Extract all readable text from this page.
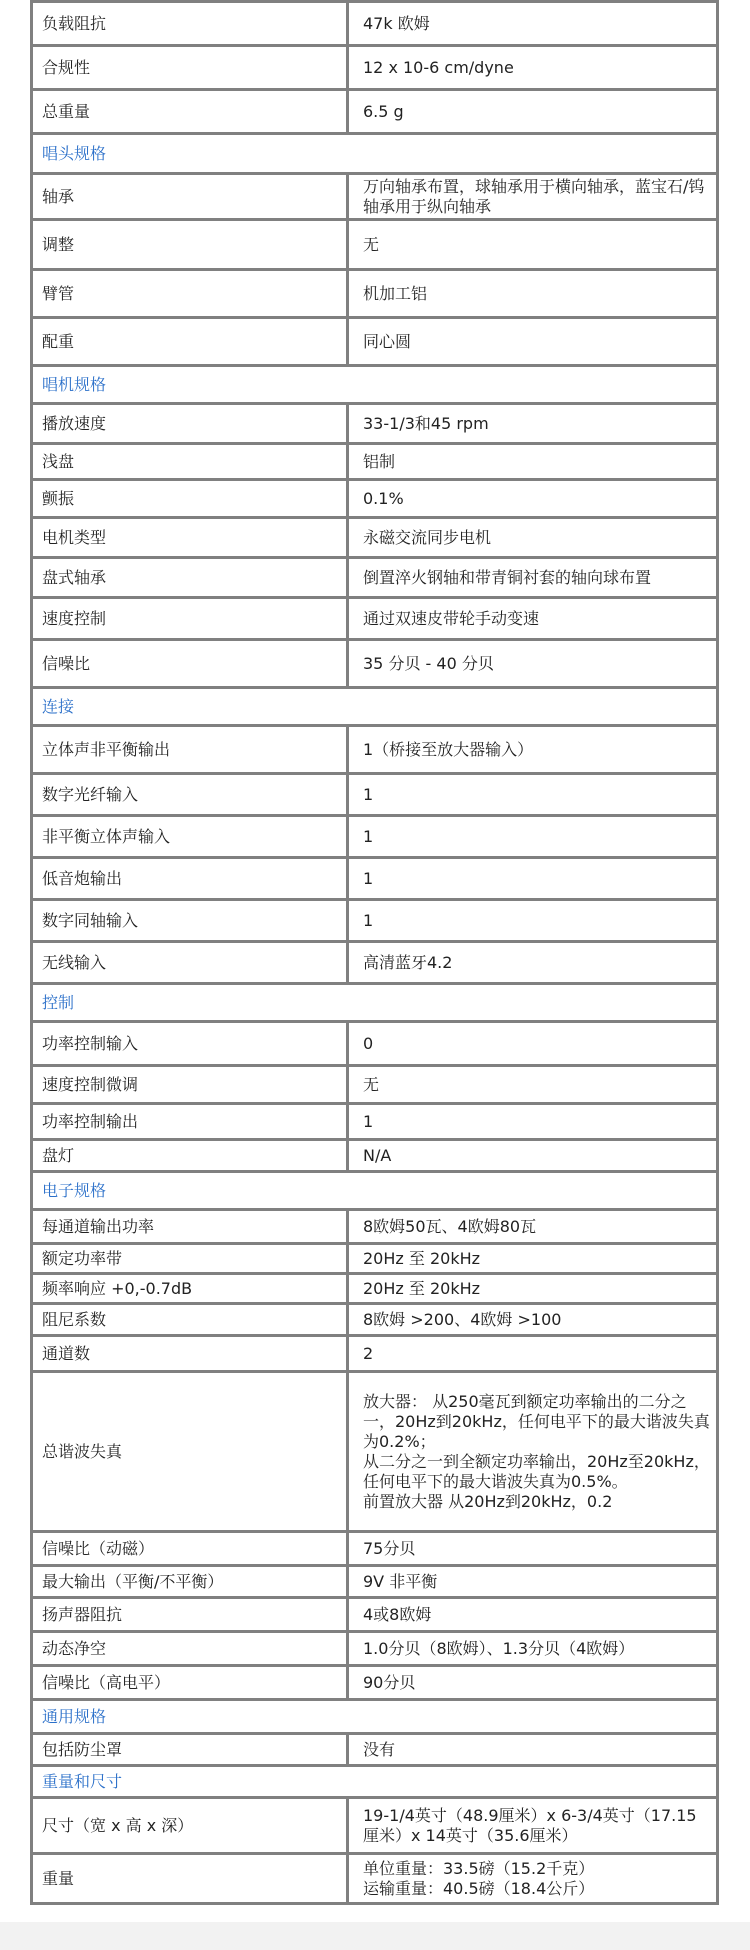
负载阻抗	47k 欧姆
合规性	12 x 10-6 cm/dyne
总重量	6.5 g
唱头规格	
轴承	万向轴承布置，球轴承用于横向轴承，蓝宝石/钨轴承用于纵向轴承
调整	无
臂管	机加工铝
配重	同心圆
唱机规格	
播放速度	33-1/3和45 rpm
浅盘	铝制
颤振	0.1%
电机类型	永磁交流同步电机
盘式轴承	倒置淬火钢轴和带青铜衬套的轴向球布置
速度控制	通过双速皮带轮手动变速
信噪比	35 分贝 - 40 分贝
连接	
立体声非平衡输出	1（桥接至放大器输入）
数字光纤输入	1
非平衡立体声输入	1
低音炮输出	1
数字同轴输入	1
无线输入	高清蓝牙4.2
控制	
功率控制输入	0
速度控制微调	无
功率控制输出	1
盘灯	N/A
电子规格	
每通道输出功率	8欧姆50瓦、4欧姆80瓦
额定功率带	20Hz 至 20kHz
频率响应 +0,-0.7dB	20Hz 至 20kHz
阻尼系数	8欧姆 >200、4欧姆 >100
通道数	2
总谐波失真	放大器： 从250毫瓦到额定功率输出的二分之一，20Hz到20kHz，任何电平下的最大谐波失真为0.2%；
从二分之一到全额定功率输出，20Hz至20kHz，任何电平下的最大谐波失真为0.5%。
前置放大器 从20Hz到20kHz，0.2
信噪比（动磁）	75分贝
最大输出（平衡/不平衡）	9V 非平衡
扬声器阻抗	4或8欧姆
动态净空	1.0分贝（8欧姆）、1.3分贝（4欧姆）
信噪比（高电平）	90分贝
通用规格	
包括防尘罩	没有
重量和尺寸	
尺寸（宽 x 高 x 深）	19-1/4英寸（48.9厘米）x 6-3/4英寸（17.15厘米）x 14英寸（35.6厘米）
重量	单位重量：33.5磅（15.2千克）
运输重量：40.5磅（18.4公斤）
